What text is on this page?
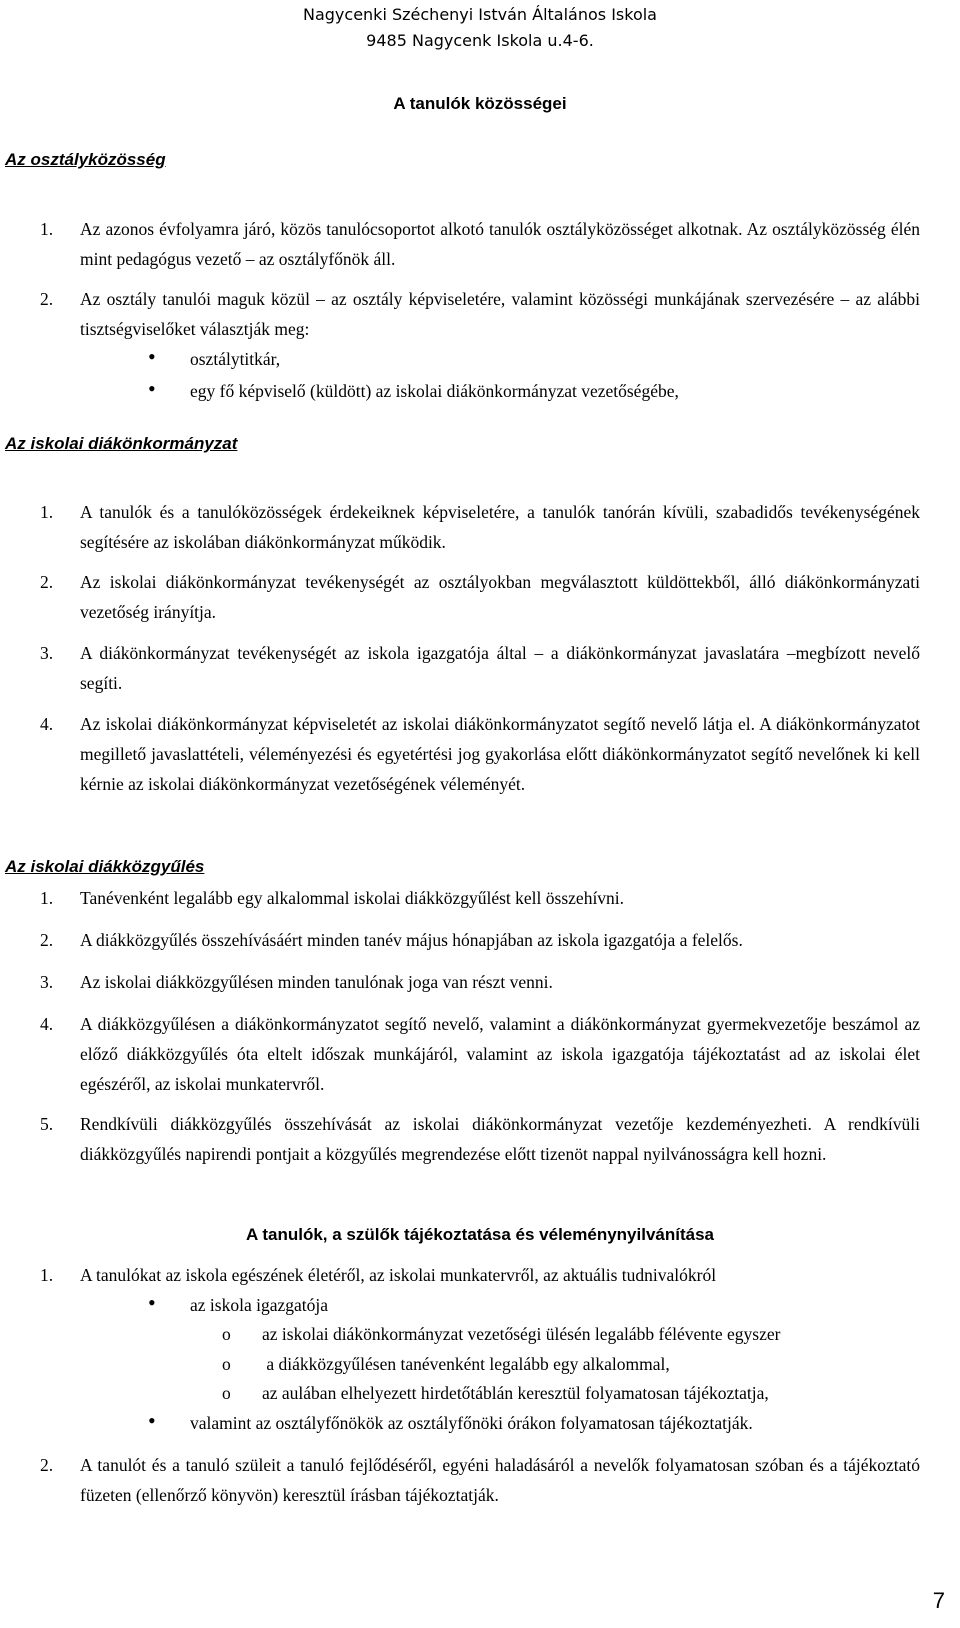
Nagycenki Széchenyi István Általános Iskola
9485 Nagycenk Iskola u.4-6.
A tanulók közösségei
Az osztályközösség
1. Az azonos évfolyamra járó, közös tanulócsoportot alkotó tanulók osztályközösséget alkotnak. Az osztályközösség élén mint pedagógus vezető – az osztályfőnök áll.
2. Az osztály tanulói maguk közül – az osztály képviseletére, valamint közösségi munkájának szervezésére – az alábbi tisztségviselőket választják meg:
• osztálytitkár,
• egy fő képviselő (küldött) az iskolai diákönkormányzat vezetőségébe,
Az iskolai diákönkormányzat
1. A tanulók és a tanulóközösségek érdekeiknek képviseletére, a tanulók tanórán kívüli, szabadidős tevékenységének segítésére az iskolában diákönkormányzat működik.
2. Az iskolai diákönkormányzat tevékenységét az osztályokban megválasztott küldöttekből, álló diákönkormányzati vezetőség irányítja.
3. A diákönkormányzat tevékenységét az iskola igazgatója által – a diákönkormányzat javaslatára –megbízott nevelő segíti.
4. Az iskolai diákönkormányzat képviseletét az iskolai diákönkormányzatot segítő nevelő látja el. A diákönkormányzatot megillető javaslattételi, véleményezési és egyetértési jog gyakorlása előtt diákönkormányzatot segítő nevelőnek ki kell kérnie az iskolai diákönkormányzat vezetőségének véleményét.
Az iskolai diákközgyűlés
1. Tanévenként legalább egy alkalommal iskolai diákközgyűlést kell összehívni.
2. A diákközgyűlés összehívásáért minden tanév május hónapjában az iskola igazgatója a felelős.
3. Az iskolai diákközgyűlésen minden tanulónak joga van részt venni.
4. A diákközgyűlésen a diákönkormányzatot segítő nevelő, valamint a diákönkormányzat gyermekvezetője beszámol az előző diákközgyűlés óta eltelt időszak munkájáról, valamint az iskola igazgatója tájékoztatást ad az iskolai élet egészéről, az iskolai munkatervről.
5. Rendkívüli diákközgyűlés összehívását az iskolai diákönkormányzat vezetője kezdeményezheti. A rendkívüli diákközgyűlés napirendi pontjait a közgyűlés megrendezése előtt tizenöt nappal nyilvánosságra kell hozni.
A tanulók, a szülők tájékoztatása és véleménynyilvánítása
1. A tanulókat az iskola egészének életéről, az iskolai munkatervről, az aktuális tudnivalókról
• az iskola igazgatója
o az iskolai diákönkormányzat vezetőségi ülésén legalább félévente egyszer
o a diákközgyűlésen tanévenként legalább egy alkalommal,
o az aulában elhelyezett hirdetőtáblán keresztül folyamatosan tájékoztatja,
• valamint az osztályfőnökök az osztályfőnöki órákon folyamatosan tájékoztatják.
2. A tanulót és a tanuló szüleit a tanuló fejlődéséről, egyéni haladásáról a nevelők folyamatosan szóban és a tájékoztató füzeten (ellenőrző könyvön) keresztül írásban tájékoztatják.
7
